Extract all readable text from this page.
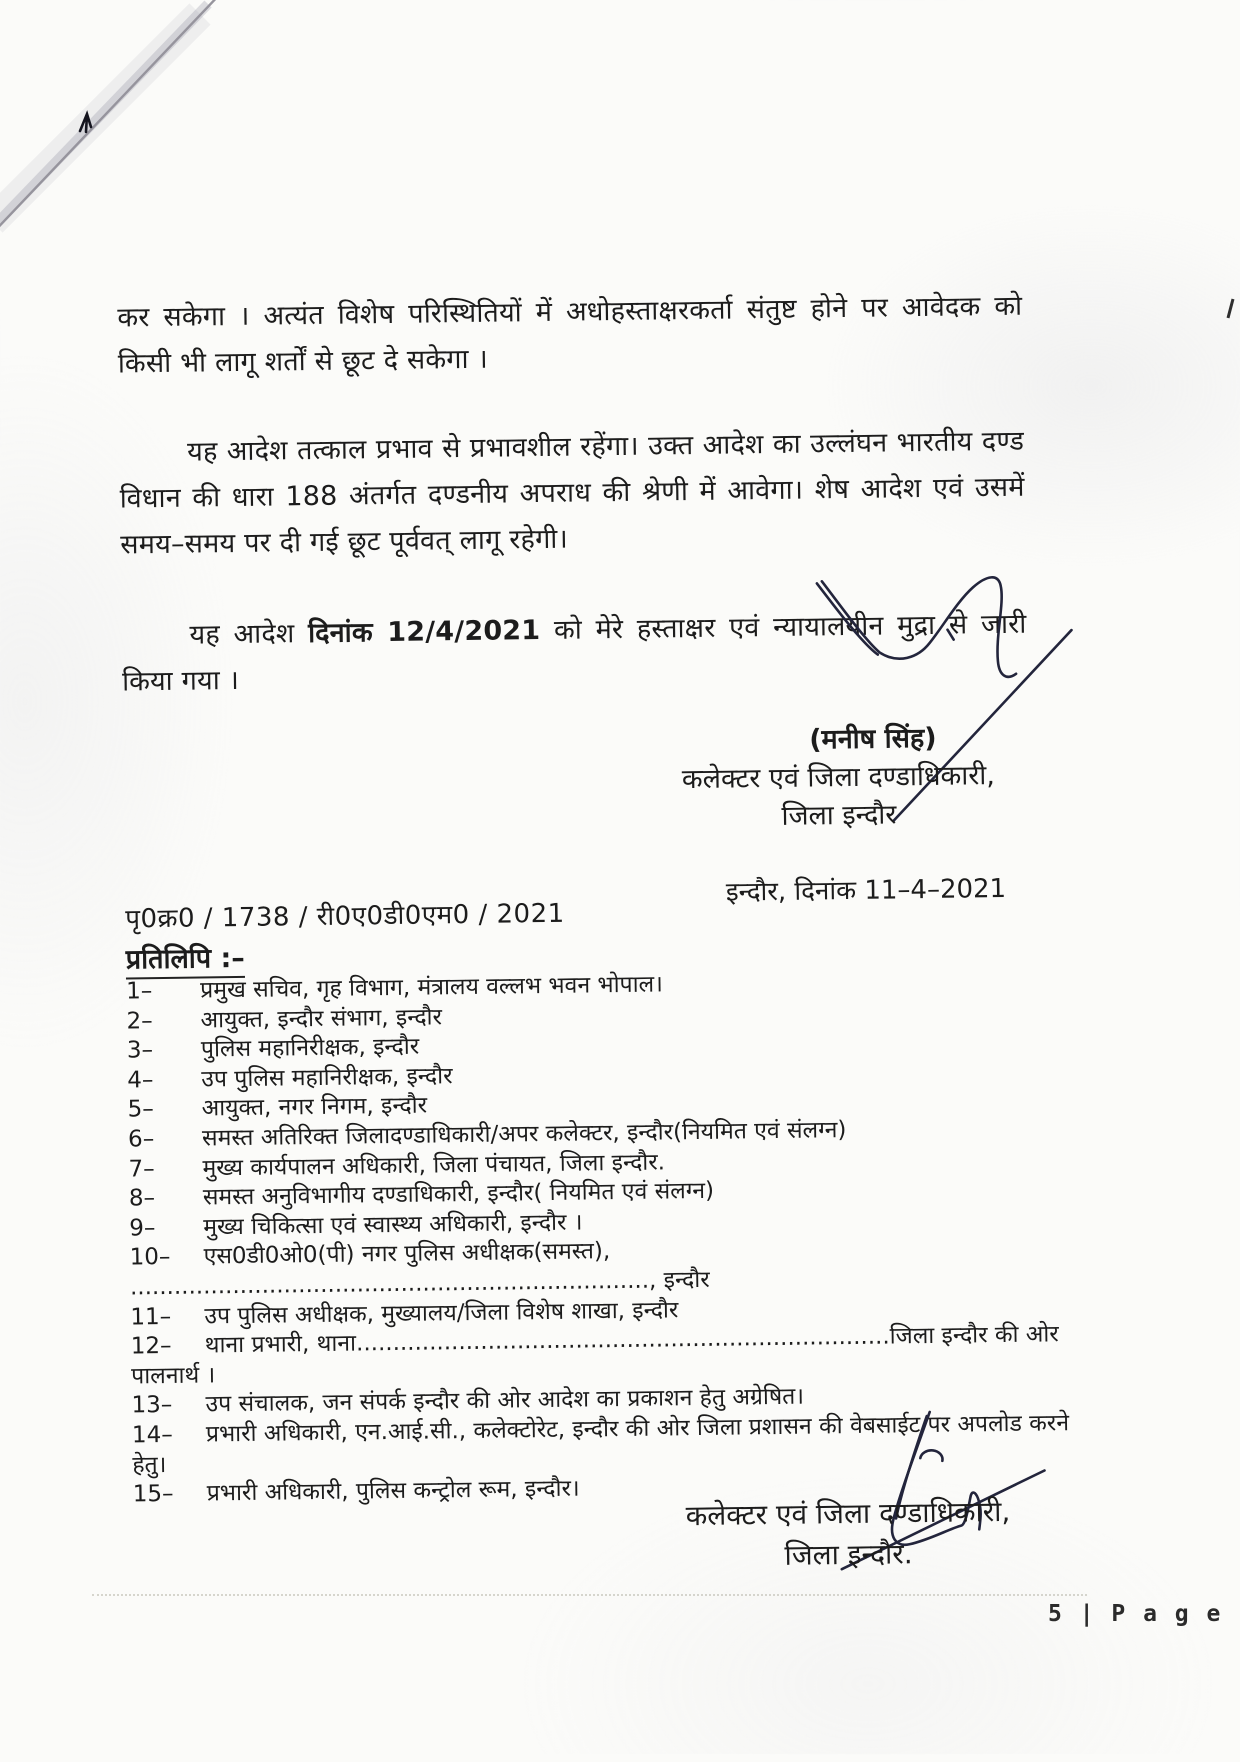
कर सकेगा । अत्यंत विशेष परिस्थितियों में अधोहस्ताक्षरकर्ता संतुष्ट होने पर आवेदक को किसी भी लागू शर्तों से छूट दे सकेगा ।

यह आदेश तत्काल प्रभाव से प्रभावशील रहेंगा। उक्त आदेश का उल्लंघन भारतीय दण्ड विधान की धारा 188 अंतर्गत दण्डनीय अपराध की श्रेणी में आवेगा। शेष आदेश एवं उसमें समय–समय पर दी गई छूट पूर्ववत् लागू रहेगी।

यह आदेश दिनांक 12/4/2021 को मेरे हस्ताक्षर एवं न्यायालयीन मुद्रा से जारी किया गया ।

(मनीष सिंह)
कलेक्टर एवं जिला दण्डाधिकारी,
जिला इन्दौर
इन्दौर, दिनांक 11–4–2021
पृ0क्र0 / 1738 / री0ए0डी0एम0 / 2021
प्रतिलिपि :–
1– प्रमुख सचिव, गृह विभाग, मंत्रालय वल्लभ भवन भोपाल।
2– आयुक्त, इन्दौर संभाग, इन्दौर
3– पुलिस महानिरीक्षक, इन्दौर
4– उप पुलिस महानिरीक्षक, इन्दौर
5– आयुक्त, नगर निगम, इन्दौर
6– समस्त अतिरिक्त जिलादण्डाधिकारी/अपर कलेक्टर, इन्दौर(नियमित एवं संलग्न)
7– मुख्य कार्यपालन अधिकारी, जिला पंचायत, जिला इन्दौर.
8– समस्त अनुविभागीय दण्डाधिकारी, इन्दौर( नियमित एवं संलग्न)
9– मुख्य चिकित्सा एवं स्वास्थ्य अधिकारी, इन्दौर ।
10– एस0डी0ओ0(पी) नगर पुलिस अधीक्षक(समस्त), ......................................................................., इन्दौर
11– उप पुलिस अधीक्षक, मुख्यालय/जिला विशेष शाखा, इन्दौर
12– थाना प्रभारी, थाना.........................................................................जिला इन्दौर की ओर पालनार्थ ।
13– उप संचालक, जन संपर्क इन्दौर की ओर आदेश का प्रकाशन हेतु अग्रेषित।
14– प्रभारी अधिकारी, एन.आई.सी., कलेक्टोरेट, इन्दौर की ओर जिला प्रशासन की वेबसाईट पर अपलोड करने हेतु।
15– प्रभारी अधिकारी, पुलिस कन्ट्रोल रूम, इन्दौर।
कलेक्टर एवं जिला दण्डाधिकारी,
जिला इन्दौर.
5 | P a g e
